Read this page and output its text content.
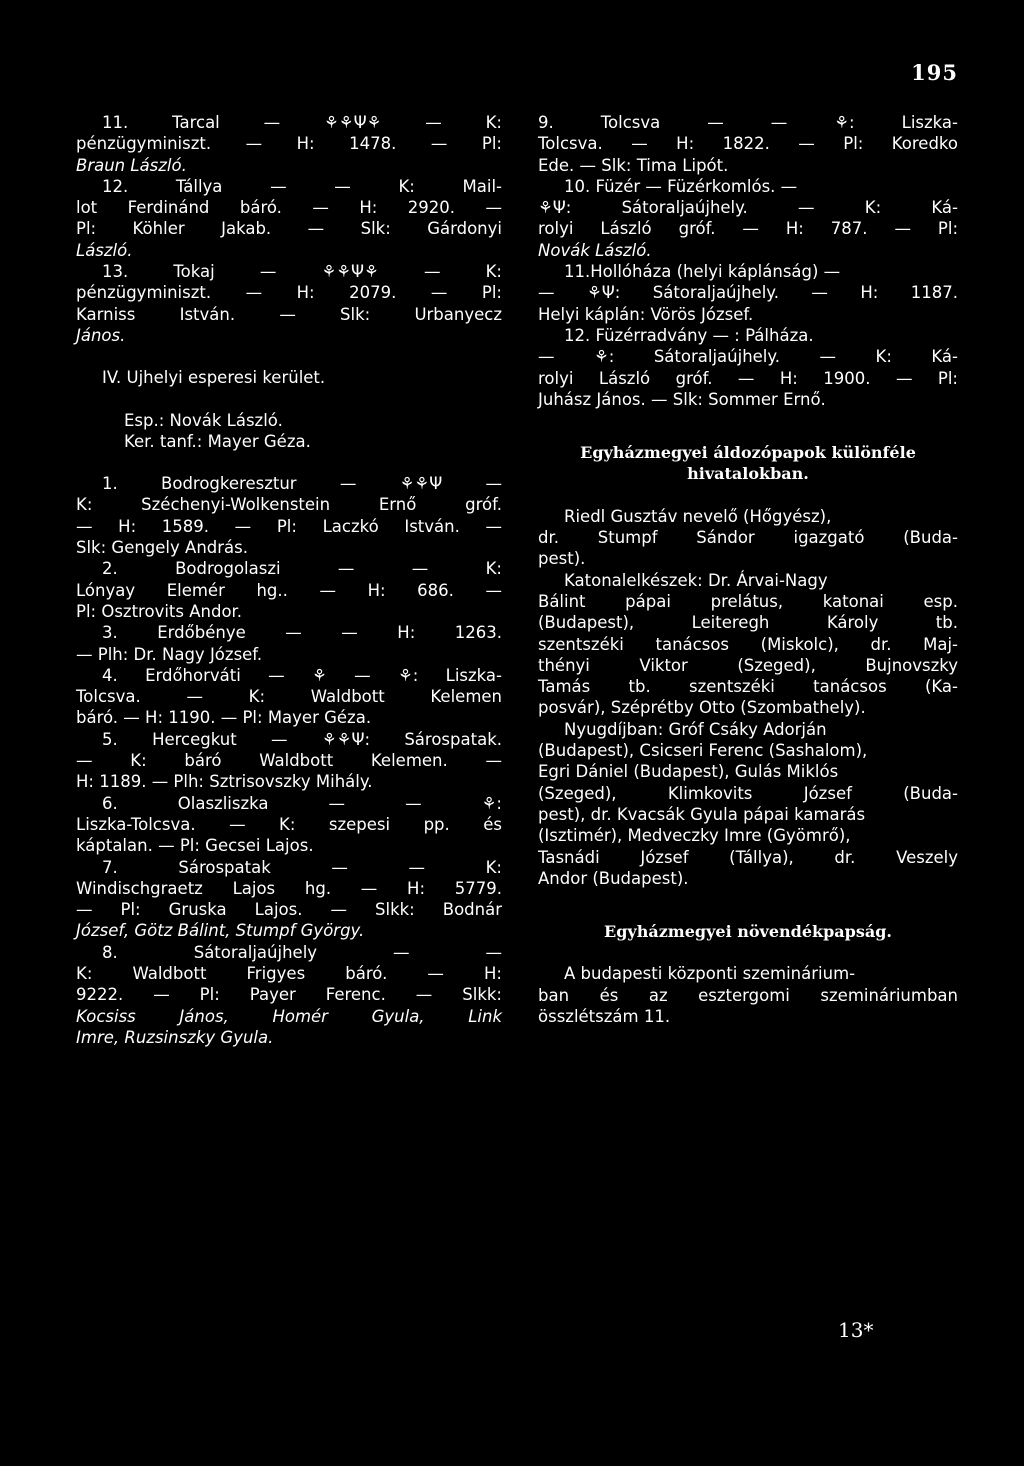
195
11. Tarcal — ⚘⚘Ψ⚘ — K:
pénzügyminiszt. — H: 1478. — Pl:
Braun László.
12. Tállya — — K: Mail-
lot Ferdinánd báró. — H: 2920. —
Pl: Köhler Jakab. — Slk: Gárdonyi
László.
13. Tokaj — ⚘⚘Ψ⚘ — K:
pénzügyminiszt. — H: 2079. — Pl:
Karniss István. — Slk: Urbanyecz
János.
IV. Ujhelyi esperesi kerület.
Esp.: Novák László.
Ker. tanf.: Mayer Géza.
1. Bodrogkeresztur — ⚘⚘Ψ —
K: Széchenyi-Wolkenstein Ernő gróf.
— H: 1589. — Pl: Laczkó István. —
Slk: Gengely András.
2. Bodrogolaszi — — K:
Lónyay Elemér hg.. — H: 686. —
Pl: Osztrovits Andor.
3. Erdőbénye — — H: 1263.
— Plh: Dr. Nagy József.
4. Erdőhorváti — ⚘ — ⚘: Liszka-
Tolcsva. — K: Waldbott Kelemen
báró. — H: 1190. — Pl: Mayer Géza.
5. Hercegkut — ⚘⚘Ψ: Sárospatak.
— K: báró Waldbott Kelemen. —
H: 1189. — Plh: Sztrisovszky Mihály.
6. Olaszliszka — — ⚘:
Liszka-Tolcsva. — K: szepesi pp. és
káptalan. — Pl: Gecsei Lajos.
7. Sárospatak — — K:
Windischgraetz Lajos hg. — H: 5779.
— Pl: Gruska Lajos. — Slkk: Bodnár
József, Götz Bálint, Stumpf György.
8. Sátoraljaújhely — —
K: Waldbott Frigyes báró. — H:
9222. — Pl: Payer Ferenc. — Slkk:
Kocsiss János, Homér Gyula, Link
Imre, Ruzsinszky Gyula.
9. Tolcsva — — ⚘: Liszka-
Tolcsva. — H: 1822. — Pl: Koredko
Ede. — Slk: Tima Lipót.
10. Füzér — Füzérkomlós. —
⚘Ψ: Sátoraljaújhely. — K: Ká-
rolyi László gróf. — H: 787. — Pl:
Novák László.
11.Hollóháza (helyi káplánság) —
— ⚘Ψ: Sátoraljaújhely. — H: 1187.
Helyi káplán: Vörös József.
12. Füzérradvány — : Pálháza.
— ⚘: Sátoraljaújhely. — K: Ká-
rolyi László gróf. — H: 1900. — Pl:
Juhász János. — Slk: Sommer Ernő.
Egyházmegyei áldozópapok különféle
hivatalokban.
Riedl Gusztáv nevelő (Hőgyész),
dr. Stumpf Sándor igazgató (Buda-
pest).
Katonalelkészek: Dr. Árvai-Nagy
Bálint pápai prelátus, katonai esp.
(Budapest), Leiteregh Károly tb.
szentszéki tanácsos (Miskolc), dr. Maj-
thényi Viktor (Szeged), Bujnovszky
Tamás tb. szentszéki tanácsos (Ka-
posvár), Széprétby Otto (Szombathely).
Nyugdíjban: Gróf Csáky Adorján
(Budapest), Csicseri Ferenc (Sashalom),
Egri Dániel (Budapest), Gulás Miklós
(Szeged), Klimkovits József (Buda-
pest), dr. Kvacsák Gyula pápai kamarás
(Isztimér), Medveczky Imre (Gyömrő),
Tasnádi József (Tállya), dr. Veszely
Andor (Budapest).
Egyházmegyei növendékpapság.
A budapesti központi szeminárium-
ban és az esztergomi szemináriumban
összlétszám 11.
13*
